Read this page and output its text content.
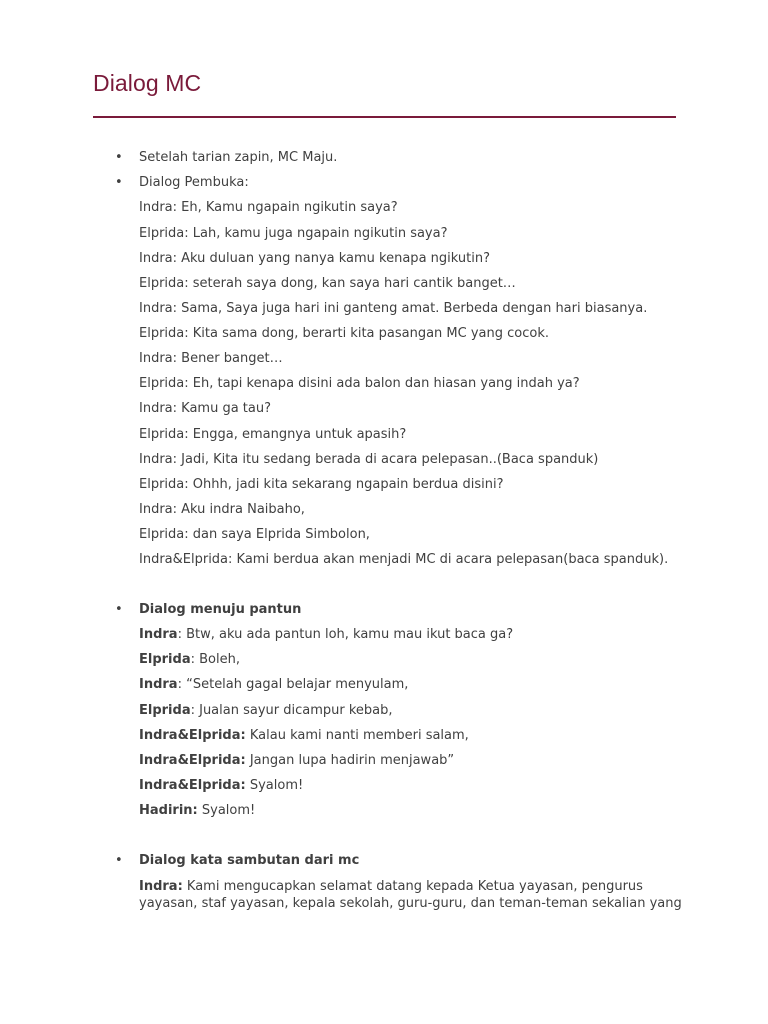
Dialog MC
• Setelah tarian zapin, MC Maju.
• Dialog Pembuka:
Indra: Eh, Kamu ngapain ngikutin saya?
Elprida: Lah, kamu juga ngapain ngikutin saya?
Indra: Aku duluan yang nanya kamu kenapa ngikutin?
Elprida: seterah saya dong, kan saya hari cantik banget…
Indra: Sama, Saya juga hari ini ganteng amat. Berbeda dengan hari biasanya.
Elprida: Kita sama dong, berarti kita pasangan MC yang cocok.
Indra: Bener banget…
Elprida: Eh, tapi kenapa disini ada balon dan hiasan yang indah ya?
Indra: Kamu ga tau?
Elprida: Engga, emangnya untuk apasih?
Indra: Jadi, Kita itu sedang berada di acara pelepasan..(Baca spanduk)
Elprida: Ohhh, jadi kita sekarang ngapain berdua disini?
Indra: Aku indra Naibaho,
Elprida: dan saya Elprida Simbolon,
Indra&Elprida: Kami berdua akan menjadi MC di acara pelepasan(baca spanduk).
• Dialog menuju pantun
Indra: Btw, aku ada pantun loh, kamu mau ikut baca ga?
Elprida: Boleh,
Indra: “Setelah gagal belajar menyulam,
Elprida: Jualan sayur dicampur kebab,
Indra&Elprida: Kalau kami nanti memberi salam,
Indra&Elprida: Jangan lupa hadirin menjawab”
Indra&Elprida: Syalom!
Hadirin: Syalom!
• Dialog kata sambutan dari mc
Indra: Kami mengucapkan selamat datang kepada Ketua yayasan, pengurus
yayasan, staf yayasan, kepala sekolah, guru-guru, dan teman-teman sekalian yang
